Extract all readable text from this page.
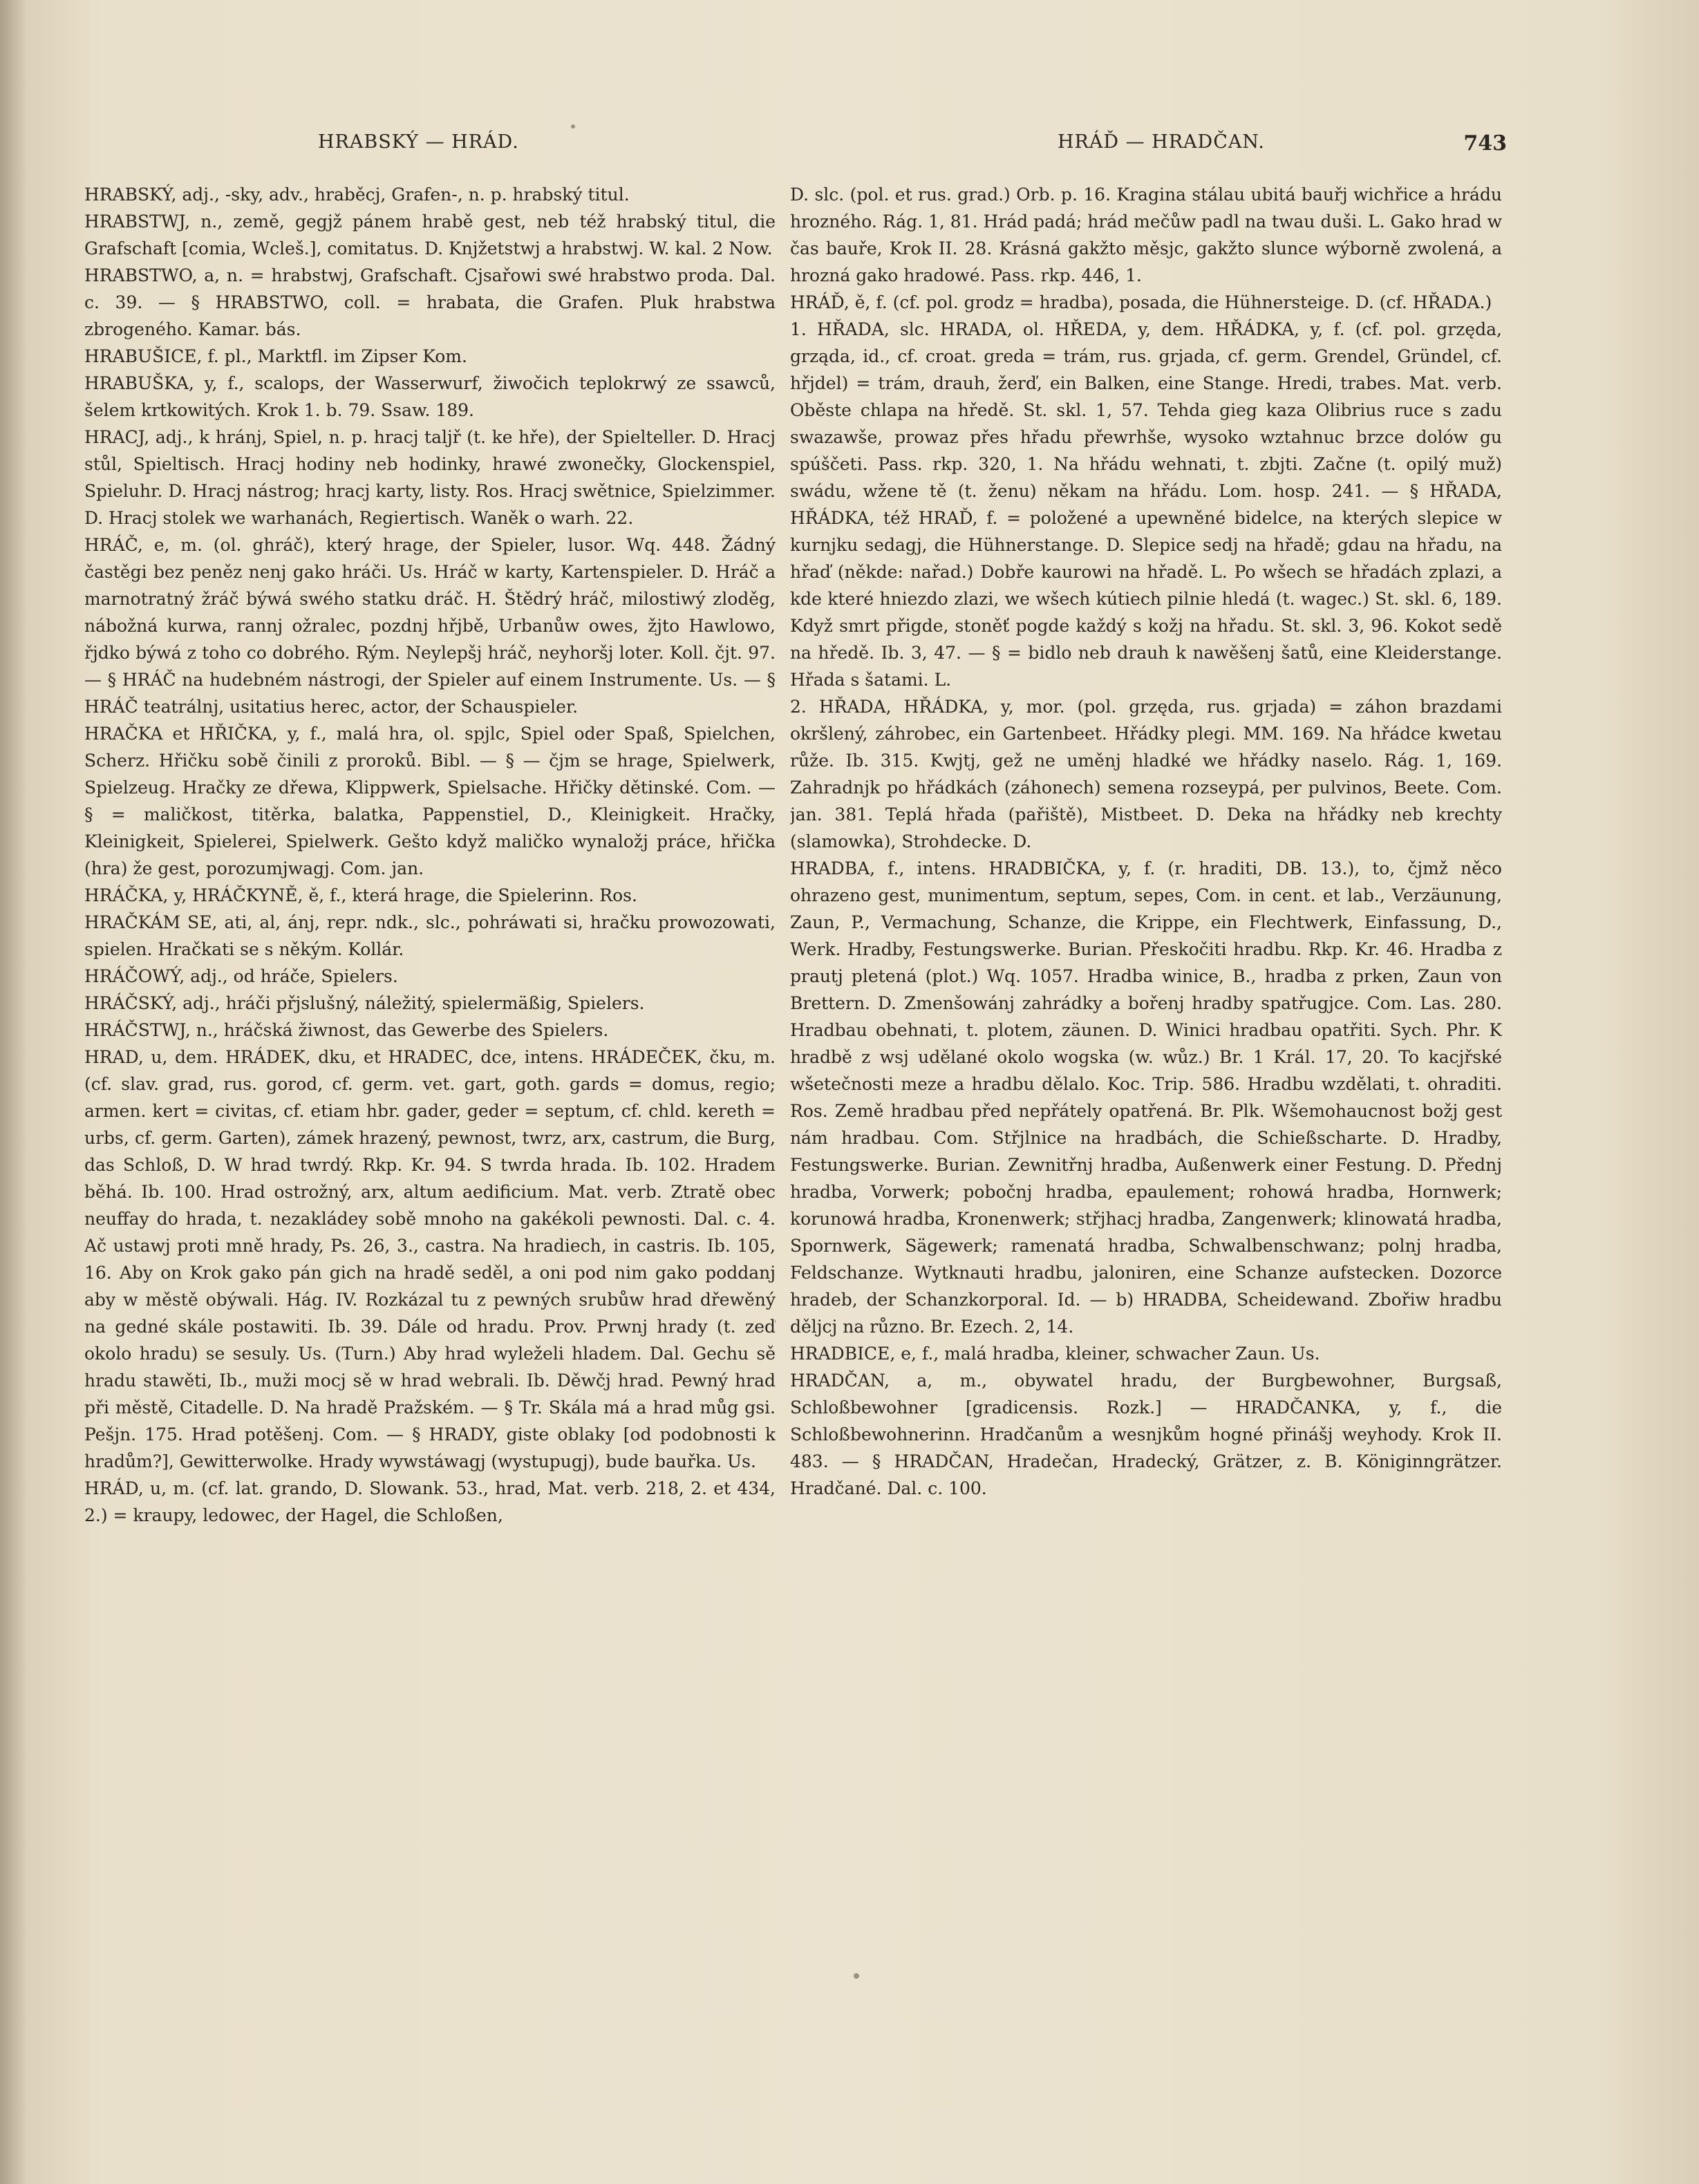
HRABSKÝ — HRÁD.	HRÁĎ — HRADČAN.	743

HRABSKÝ, adj., -sky, adv., hraběcj, Grafen-, n. p. hrabský titul.

HRABSTWJ, n., země, gegjž pánem hrabě gest, neb též hrabský titul, die Grafschaft [comia, Wcleš.], comitatus. D. Knjžetstwj a hrabstwj. W. kal. 2 Now.

HRABSTWO, a, n. = hrabstwj, Grafschaft. Cjsařowi swé hrabstwo proda. Dal. c. 39. — § HRABSTWO, coll. = hrabata, die Grafen. Pluk hrabstwa zbrogeného. Kamar. bás.

HRABUŠICE, f. pl., Marktfl. im Zipser Kom.

HRABUŠKA, y, f., scalops, der Wasserwurf, žiwočich teplokrwý ze ssawců, šelem krtkowitých. Krok 1. b. 79. Ssaw. 189.

HRACJ, adj., k hránj, Spiel, n. p. hracj talјř (t. ke hře), der Spielteller. D. Hracj stůl, Spieltisch. Hracj hodiny neb hodinky, hrawé zwonečky, Glockenspiel, Spieluhr. D. Hracj nástrog; hracj karty, listy. Ros. Hracj swětnice, Spielzimmer. D. Hracj stolek we warhanách, Regiertisch. Waněk o warh. 22.

HRÁČ, e, m. (ol. ghráč), který hrage, der Spieler, lusor. Wq. 448. Žádný častěgi bez peněz nenj gako hráči. Us. Hráč w karty, Kartenspieler. D. Hráč a marnotratný žráč býwá swého statku dráč. H. Štědrý hráč, milostiwý zloděg, nábožná kurwa, rannj ožralec, pozdnj hřjbě, Urbanůw owes, žjto Hawlowo, řjdko býwá z toho co dobrého. Rým. Neylepšj hráč, neyhoršj loter. Koll. čjt. 97. — § HRÁČ na hudebném nástrogi, der Spieler auf einem Instrumente. Us. — § HRÁČ teatrálnj, usitatius herec, actor, der Schauspieler.

HRAČKA et HŘIČKA, y, f., malá hra, ol. spjlc, Spiel oder Spaß, Spielchen, Scherz. Hřičku sobě činili z proroků. Bibl. — § — čjm se hrage, Spielwerk, Spielzeug. Hračky ze dřewa, Klippwerk, Spielsache. Hřičky dětinské. Com. — § = maličkost, titěrka, balatka, Pappenstiel, D., Kleinigkeit. Hračky, Kleinigkeit, Spielerei, Spielwerk. Gešto když maličko wynaložj práce, hřička (hra) že gest, porozumjwagj. Com. jan.

HRÁČKA, y, HRÁČKYNĚ, ě, f., která hrage, die Spielerinn. Ros.

HRAČKÁM SE, ati, al, ánj, repr. ndk., slc., pohráwati si, hračku prowozowati, spielen. Hračkati se s někým. Kollár.

HRÁČOWÝ, adj., od hráče, Spielers.

HRÁČSKÝ, adj., hráči přjslušný, náležitý, spielermäßig, Spielers.

HRÁČSTWJ, n., hráčská žiwnost, das Gewerbe des Spielers.

HRAD, u, dem. HRÁDEK, dku, et HRADEC, dce, intens. HRÁDEČEK, čku, m. (cf. slav. grad, rus. gorod, cf. germ. vet. gart, goth. gards = domus, regio; armen. kert = civitas, cf. etiam hbr. gader, geder = septum, cf. chld. kereth = urbs, cf. germ. Garten), zámek hrazený, pewnost, twrz, arx, castrum, die Burg, das Schloß, D. W hrad twrdý. Rkp. Kr. 94. S twrda hrada. Ib. 102. Hradem běhá. Ib. 100. Hrad ostrožný, arx, altum aedificium. Mat. verb. Ztratě obec neuffay do hrada, t. nezakládey sobě mnoho na gakékoli pewnosti. Dal. c. 4. Ač ustawj proti mně hrady, Ps. 26, 3., castra. Na hradiech, in castris. Ib. 105, 16. Aby on Krok gako pán gich na hradě seděl, a oni pod nim gako poddanj aby w městě obýwali. Hág. IV. Rozkázal tu z pewných srubůw hrad dřewěný na gedné skále postawiti. Ib. 39. Dále od hradu. Prov. Prwnj hrady (t. zeď okolo hradu) se sesuly. Us. (Turn.) Aby hrad wyleželi hladem. Dal. Gechu sě hradu stawěti, Ib., muži mocj sě w hrad webrali. Ib. Děwčj hrad. Pewný hrad při městě, Citadelle. D. Na hradě Pražském. — § Tr. Skála má a hrad můg gsi. Pešjn. 175. Hrad potěšenj. Com. — § HRADY, giste oblaky [od podobnosti k hradům?], Gewitterwolke. Hrady wywstáwagj (wystupugj), bude bauřka. Us.

HRÁD, u, m. (cf. lat. grando, D. Slowank. 53., hrad, Mat. verb. 218, 2. et 434, 2.) = kraupy, ledowec, der Hagel, die Schloßen,

D. slc. (pol. et rus. grad.) Orb. p. 16. Kragina stálau ubitá bauřj wichřice a hrádu hrozného. Rág. 1, 81. Hrád padá; hrád mečůw padl na twau duši. L. Gako hrad w čas bauře, Krok II. 28. Krásná gakžto měsjc, gakžto slunce wýborně zwolená, a hrozná gako hradowé. Pass. rkp. 446, 1.

HRÁĎ, ě, f. (cf. pol. grodz = hradba), posada, die Hühnersteige. D. (cf. HŘADA.)

1. HŘADA, slc. HRADA, ol. HŘEDA, y, dem. HŘÁDKA, y, f. (cf. pol. grzęda, grząda, id., cf. croat. greda = trám, rus. grjada, cf. germ. Grendel, Gründel, cf. hřjdel) = trám, drauh, žerď, ein Balken, eine Stange. Hredi, trabes. Mat. verb. Oběste chlapa na hředě. St. skl. 1, 57. Tehda gieg kaza Olibrius ruce s zadu swazawše, prowaz přes hřadu přewrhše, wysoko wztahnuc brzce dolów gu spúščeti. Pass. rkp. 320, 1. Na hřádu wehnati, t. zbjti. Začne (t. opilý muž) swádu, wžene tě (t. ženu) někam na hřádu. Lom. hosp. 241. — § HŘADA, HŘÁDKA, též HRAĎ, f. = položené a upewněné bidelce, na kterých slepice w kurnjku sedagj, die Hühnerstange. D. Slepice sedj na hřadě; gdau na hřadu, na hřaď (někde: nařad.) Dobře kaurowi na hřadě. L. Po wšech se hřadách zplazi, a kde které hniezdo zlazi, we wšech kútiech pilnie hledá (t. wagec.) St. skl. 6, 189. Když smrt přigde, stoněť pogde každý s kožj na hřadu. St. skl. 3, 96. Kokot sedě na hředě. Ib. 3, 47. — § = bidlo neb drauh k nawěšenj šatů, eine Kleiderstange. Hřada s šatami. L.

2. HŘADA, HŘÁDKA, y, mor. (pol. grzęda, rus. grjada) = záhon brazdami okršlený, záhrobec, ein Gartenbeet. Hřádky plegi. MM. 169. Na hřádce kwetau růže. Ib. 315. Kwjtj, gež ne uměnj hladké we hřádky naselo. Rág. 1, 169. Zahradnjk po hřádkách (záhonech) semena rozseypá, per pulvinos, Beete. Com. jan. 381. Teplá hřada (pařiště), Mistbeet. D. Deka na hřádky neb krechty (slamowka), Strohdecke. D.

HRADBA, f., intens. HRADBIČKA, y, f. (r. hraditi, DB. 13.), to, čjmž něco ohrazeno gest, munimentum, septum, sepes, Com. in cent. et lab., Verzäunung, Zaun, P., Vermachung, Schanze, die Krippe, ein Flechtwerk, Einfassung, D., Werk. Hradby, Festungswerke. Burian. Přeskočiti hradbu. Rkp. Kr. 46. Hradba z prautj pletená (plot.) Wq. 1057. Hradba winice, B., hradba z prken, Zaun von Brettern. D. Zmenšowánj zahrádky a bořenj hradby spatřugjce. Com. Las. 280. Hradbau obehnati, t. plotem, zäunen. D. Winici hradbau opatřiti. Sych. Phr. K hradbě z wsj udělané okolo wogska (w. wůz.) Br. 1 Král. 17, 20. To kacjřské wšetečnosti meze a hradbu dělalo. Koc. Trip. 586. Hradbu wzdělati, t. ohraditi. Ros. Země hradbau před nepřátely opatřená. Br. Plk. Wšemohaucnost božj gest nám hradbau. Com. Střjlnice na hradbách, die Schießscharte. D. Hradby, Festungswerke. Burian. Zewnitřnj hradba, Außenwerk einer Festung. D. Přednj hradba, Vorwerk; pobočnj hradba, epaulement; rohowá hradba, Hornwerk; korunowá hradba, Kronenwerk; střjhacj hradba, Zangenwerk; klinowatá hradba, Spornwerk, Sägewerk; ramenatá hradba, Schwalbenschwanz; polnj hradba, Feldschanze. Wytknauti hradbu, jaloniren, eine Schanze aufstecken. Dozorce hradeb, der Schanzkorporal. Id. — b) HRADBA, Scheidewand. Zbořiw hradbu děljcj na různo. Br. Ezech. 2, 14.

HRADBICE, e, f., malá hradba, kleiner, schwacher Zaun. Us.

HRADČAN, a, m., obywatel hradu, der Burgbewohner, Burgsaß, Schloßbewohner [gradicensis. Rozk.] — HRADČANKA, y, f., die Schloßbewohnerinn. Hradčanům a wesnjkům hogné přinášj weyhody. Krok II. 483. — § HRADČAN, Hradečan, Hradecký, Grätzer, z. B. Königinngrätzer. Hradčané. Dal. c. 100.
